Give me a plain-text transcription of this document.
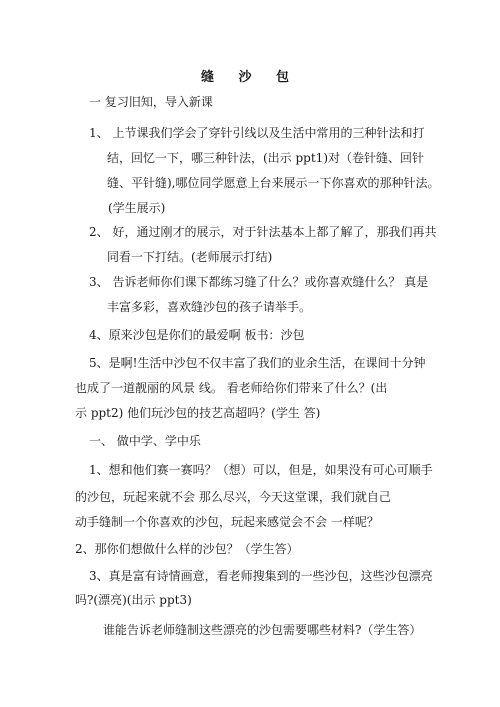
缝 沙 包
一 复习旧知，导入新课
1、 上节课我们学会了穿针引线以及生活中常用的三种针法和打
结，回忆一下，哪三种针法，(出示 ppt1)对（卷针缝、回针
缝、平针缝),哪位同学愿意上台来展示一下你喜欢的那种针法。
(学生展示)
2、 好，通过刚才的展示，对于针法基本上都了解了，那我们再共
同看一下打结。(老师展示打结)
3、 告诉老师你们课下都练习缝了什么？或你喜欢缝什么？ 真是
丰富多彩，喜欢缝沙包的孩子请举手。
4、原来沙包是你们的最爱啊 板书：沙包
5、是啊!生活中沙包不仅丰富了我们的业余生活，在课间十分钟
也成了一道靓丽的风景 线。 看老师给你们带来了什么？(出
示 ppt2) 他们玩沙包的技艺高超吗？(学生 答)
一、 做中学、学中乐
1、想和他们赛一赛吗？（想）可以，但是，如果没有可心可顺手
的沙包，玩起来就不会 那么尽兴，今天这堂课，我们就自己
动手缝制一个你喜欢的沙包，玩起来感觉会不会 一样呢？
2、那你们想做什么样的沙包？（学生答）
3、真是富有诗情画意，看老师搜集到的一些沙包，这些沙包漂亮
吗?(漂亮)(出示 ppt3)
谁能告诉老师缝制这些漂亮的沙包需要哪些材料?（学生答）
